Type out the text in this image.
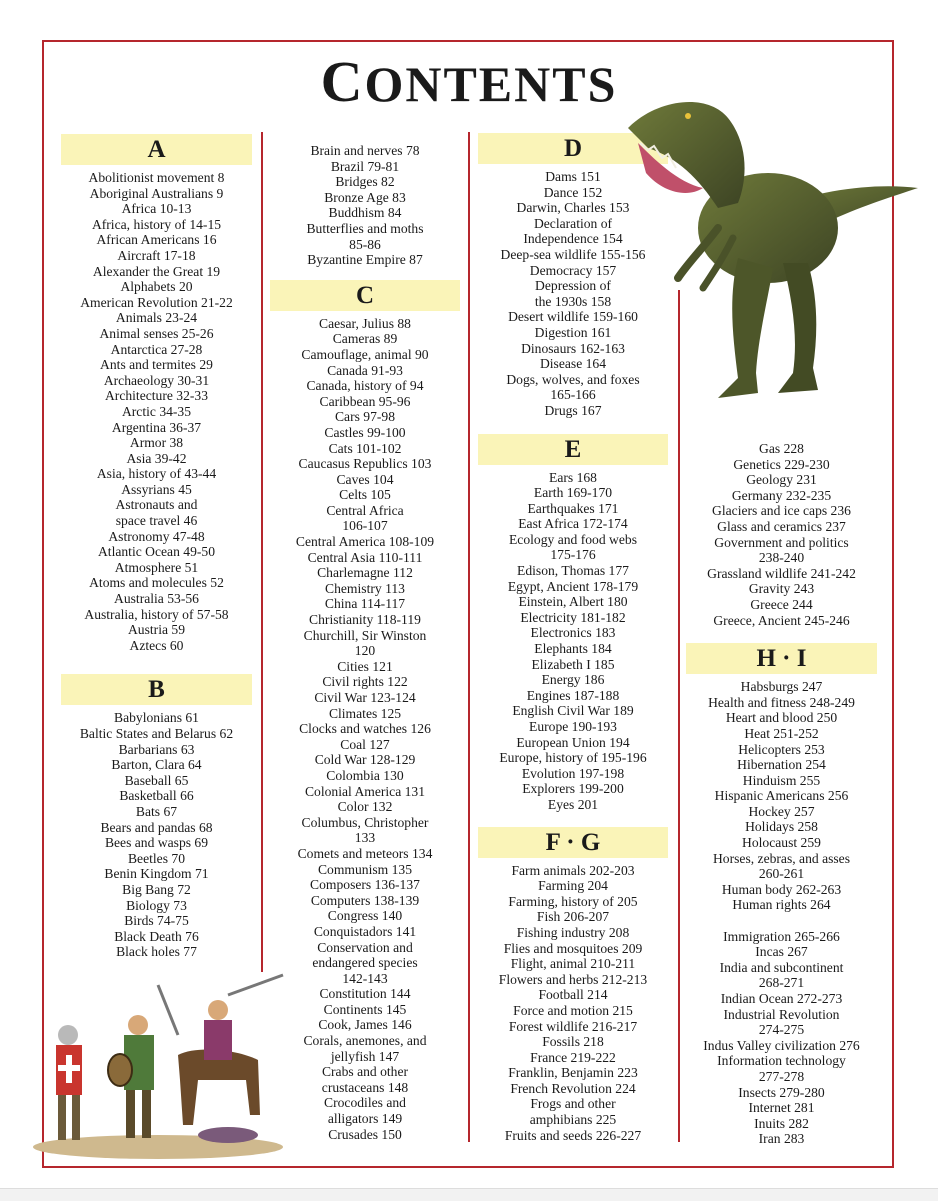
CONTENTS
A
Abolitionist movement 8
Aboriginal Australians 9
Africa 10-13
Africa, history of 14-15
African Americans 16
Aircraft 17-18
Alexander the Great 19
Alphabets 20
American Revolution 21-22
Animals 23-24
Animal senses 25-26
Antarctica 27-28
Ants and termites 29
Archaeology 30-31
Architecture 32-33
Arctic 34-35
Argentina 36-37
Armor 38
Asia 39-42
Asia, history of 43-44
Assyrians 45
Astronauts and
space travel 46
Astronomy 47-48
Atlantic Ocean 49-50
Atmosphere 51
Atoms and molecules 52
Australia 53-56
Australia, history of 57-58
Austria 59
Aztecs 60
B
Babylonians 61
Baltic States and Belarus 62
Barbarians 63
Barton, Clara 64
Baseball 65
Basketball 66
Bats 67
Bears and pandas 68
Bees and wasps 69
Beetles 70
Benin Kingdom 71
Big Bang 72
Biology 73
Birds 74-75
Black Death 76
Black holes 77
Brain and nerves 78
Brazil 79-81
Bridges 82
Bronze Age 83
Buddhism 84
Butterflies and moths
85-86
Byzantine Empire 87
C
Caesar, Julius 88
Cameras 89
Camouflage, animal 90
Canada 91-93
Canada, history of 94
Caribbean 95-96
Cars 97-98
Castles 99-100
Cats 101-102
Caucasus Republics 103
Caves 104
Celts 105
Central Africa
106-107
Central America 108-109
Central Asia 110-111
Charlemagne 112
Chemistry 113
China 114-117
Christianity 118-119
Churchill, Sir Winston
120
Cities 121
Civil rights 122
Civil War 123-124
Climates 125
Clocks and watches 126
Coal 127
Cold War 128-129
Colombia 130
Colonial America 131
Color 132
Columbus, Christopher
133
Comets and meteors 134
Communism 135
Composers 136-137
Computers 138-139
Congress 140
Conquistadors 141
Conservation and
endangered species
142-143
Constitution 144
Continents 145
Cook, James 146
Corals, anemones, and
jellyfish 147
Crabs and other
crustaceans 148
Crocodiles and
alligators 149
Crusades 150
D
Dams 151
Dance 152
Darwin, Charles 153
Declaration of
Independence 154
Deep-sea wildlife 155-156
Democracy 157
Depression of
the 1930s 158
Desert wildlife 159-160
Digestion 161
Dinosaurs 162-163
Disease 164
Dogs, wolves, and foxes
165-166
Drugs 167
E
Ears 168
Earth 169-170
Earthquakes 171
East Africa 172-174
Ecology and food webs
175-176
Edison, Thomas 177
Egypt, Ancient 178-179
Einstein, Albert 180
Electricity 181-182
Electronics 183
Elephants 184
Elizabeth I 185
Energy 186
Engines 187-188
English Civil War 189
Europe 190-193
European Union 194
Europe, history of 195-196
Evolution 197-198
Explorers 199-200
Eyes 201
F · G
Farm animals 202-203
Farming 204
Farming, history of 205
Fish 206-207
Fishing industry 208
Flies and mosquitoes 209
Flight, animal 210-211
Flowers and herbs 212-213
Football 214
Force and motion 215
Forest wildlife 216-217
Fossils 218
France 219-222
Franklin, Benjamin 223
French Revolution 224
Frogs and other
amphibians 225
Fruits and seeds 226-227
Gas 228
Genetics 229-230
Geology 231
Germany 232-235
Glaciers and ice caps 236
Glass and ceramics 237
Government and politics
238-240
Grassland wildlife 241-242
Gravity 243
Greece 244
Greece, Ancient 245-246
H · I
Habsburgs 247
Health and fitness 248-249
Heart and blood 250
Heat 251-252
Helicopters 253
Hibernation 254
Hinduism 255
Hispanic Americans 256
Hockey 257
Holidays 258
Holocaust 259
Horses, zebras, and asses
260-261
Human body 262-263
Human rights 264

Immigration 265-266
Incas 267
India and subcontinent
268-271
Indian Ocean 272-273
Industrial Revolution
274-275
Indus Valley civilization 276
Information technology
277-278
Insects 279-280
Internet 281
Inuits 282
Iran 283
